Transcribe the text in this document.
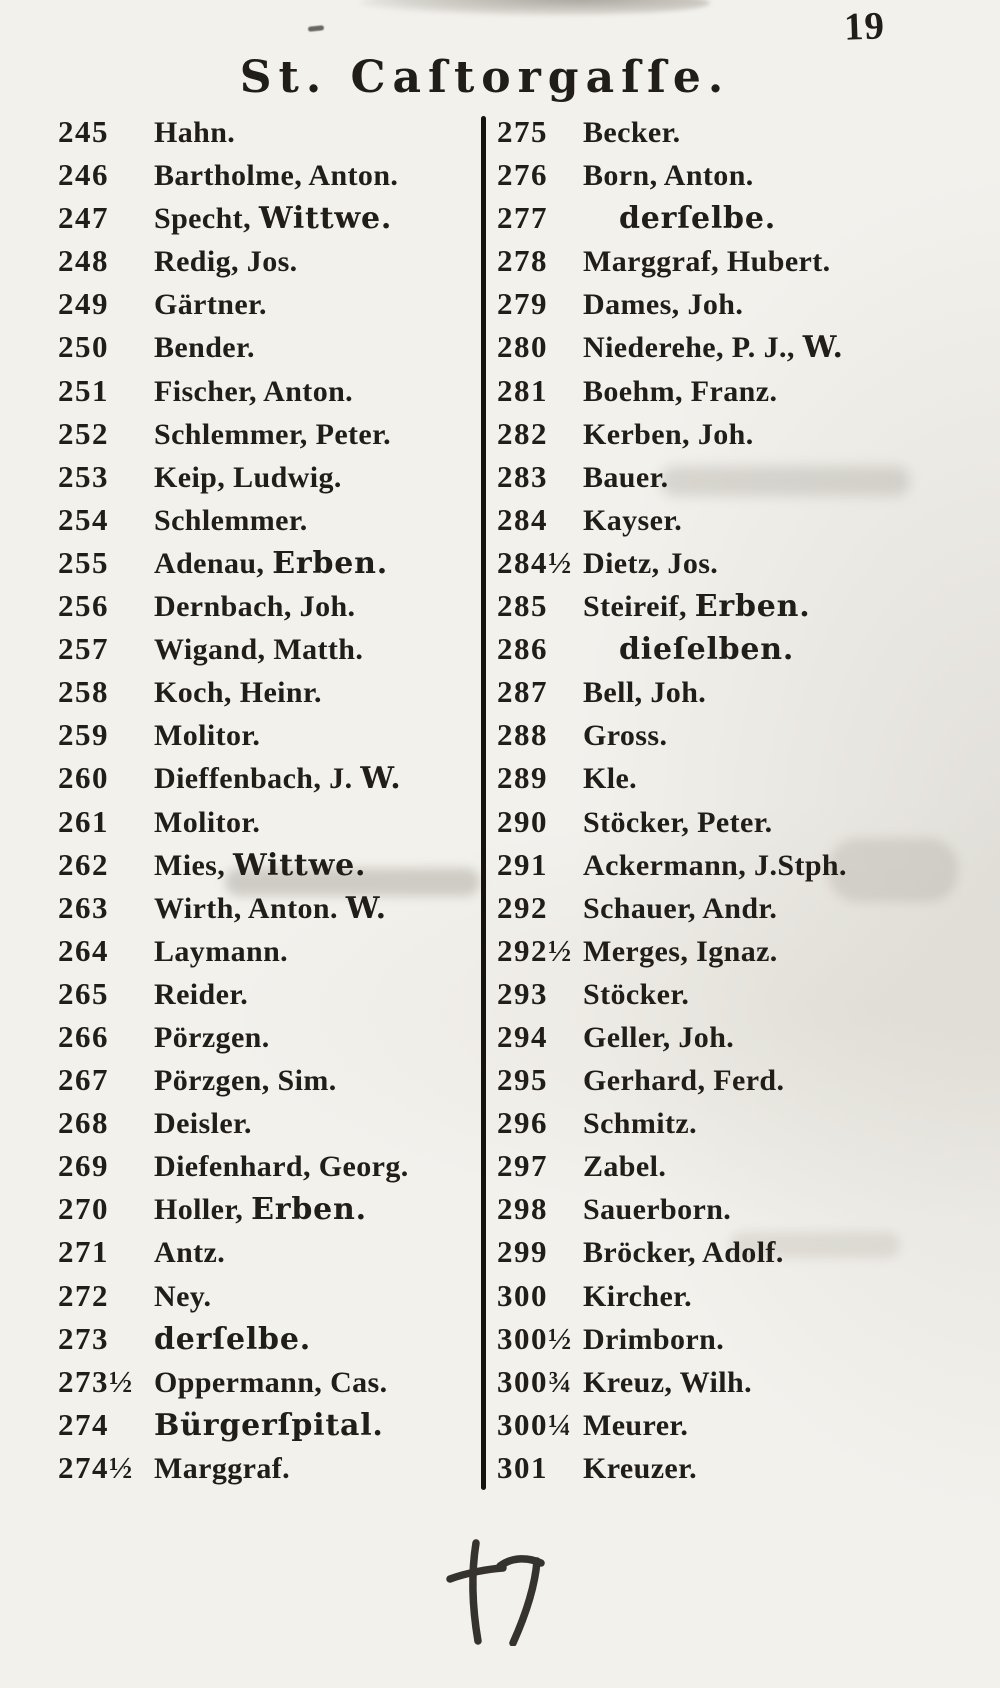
19
St. Caſtorgaſſe.
245	Hahn.
246	Bartholme, Anton.
247	Specht, Wittwe.
248	Redig, Jos.
249	Gärtner.
250	Bender.
251	Fischer, Anton.
252	Schlemmer, Peter.
253	Keip, Ludwig.
254	Schlemmer.
255	Adenau, Erben.
256	Dernbach, Joh.
257	Wigand, Matth.
258	Koch, Heinr.
259	Molitor.
260	Dieffenbach, J. W.
261	Molitor.
262	Mies, Wittwe.
263	Wirth, Anton. W.
264	Laymann.
265	Reider.
266	Pörzgen.
267	Pörzgen, Sim.
268	Deisler.
269	Diefenhard, Georg.
270	Holler, Erben.
271	Antz.
272	Ney.
273	derſelbe.
273½ Oppermann, Cas.
274	Bürgerſpital.
274½ Marggraf.
275	Becker.
276	Born, Anton.
277	derſelbe.
278	Marggraf, Hubert.
279	Dames, Joh.
280	Niederehe, P. J., W.
281	Boehm, Franz.
282	Kerben, Joh.
283	Bauer.
284	Kayser.
284½ Dietz, Jos.
285	Steireif, Erben.
286	dieſelben.
287	Bell, Joh.
288	Gross.
289	Kle.
290	Stöcker, Peter.
291	Ackermann, J.Stph.
292	Schauer, Andr.
292½ Merges, Ignaz.
293	Stöcker.
294	Geller, Joh.
295	Gerhard, Ferd.
296	Schmitz.
297	Zabel.
298	Sauerborn.
299	Bröcker, Adolf.
300	Kircher.
300½ Drimborn.
300¾ Kreuz, Wilh.
300¼ Meurer.
301	Kreuzer.
